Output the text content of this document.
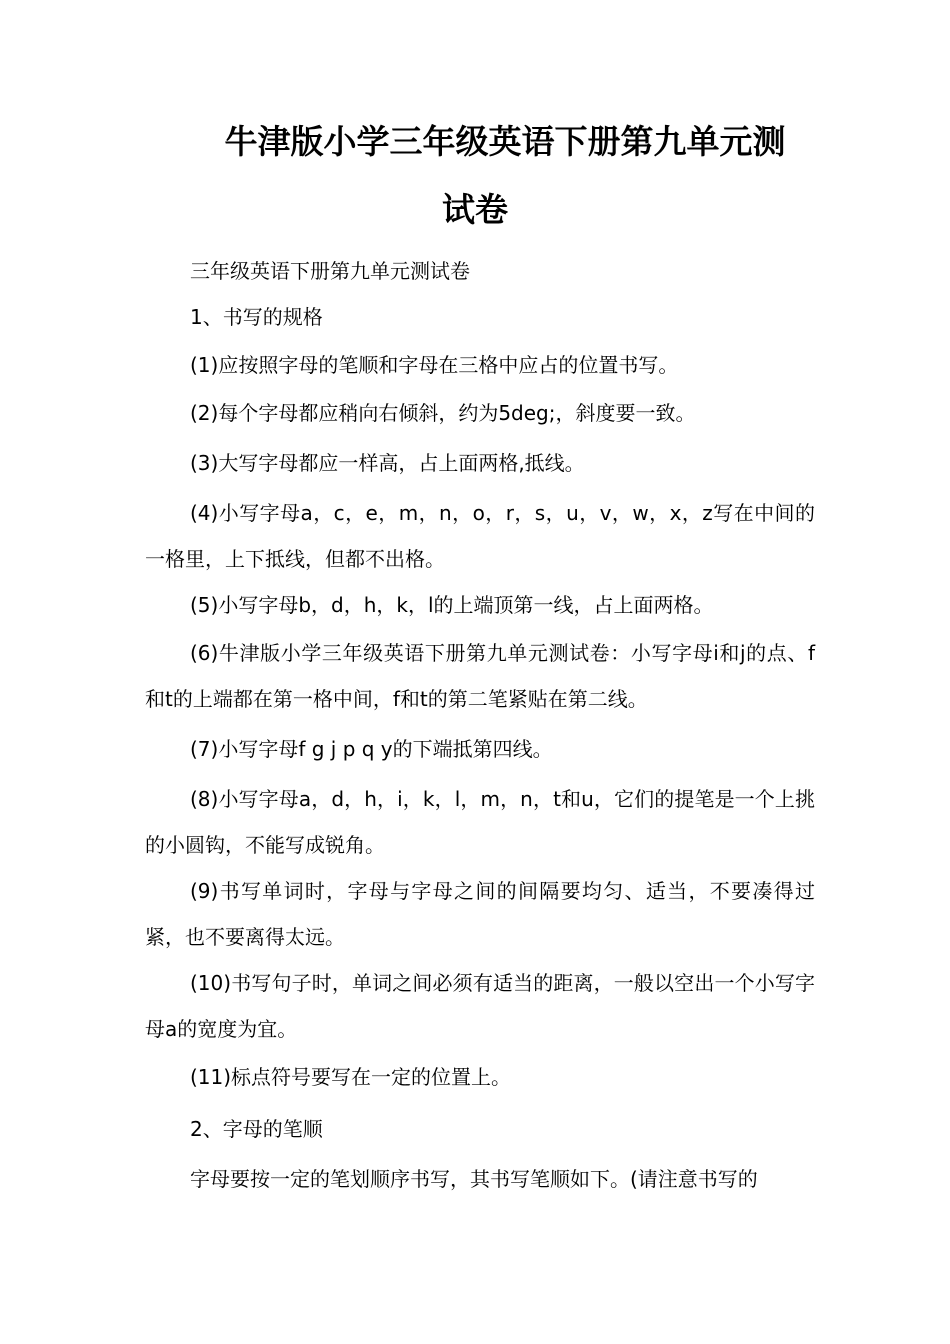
牛津版小学三年级英语下册第九单元测
试卷

三年级英语下册第九单元测试卷

1、书写的规格

(1)应按照字母的笔顺和字母在三格中应占的位置书写。

(2)每个字母都应稍向右倾斜，约为5deg;，斜度要一致。

(3)大写字母都应一样高，占上面两格,抵线。

(4)小写字母a，c，e，m，n，o，r，s，u，v，w，x，z写在中间的一格里，上下抵线，但都不出格。

(5)小写字母b，d，h，k，l的上端顶第一线，占上面两格。

(6)牛津版小学三年级英语下册第九单元测试卷：小写字母i和j的点、f和t的上端都在第一格中间，f和t的第二笔紧贴在第二线。

(7)小写字母f g j p q y的下端抵第四线。

(8)小写字母a，d，h，i，k，l，m，n，t和u，它们的提笔是一个上挑的小圆钩，不能写成锐角。

(9)书写单词时，字母与字母之间的间隔要均匀、适当，不要凑得过紧，也不要离得太远。

(10)书写句子时，单词之间必须有适当的距离，一般以空出一个小写字母a的宽度为宜。

(11)标点符号要写在一定的位置上。

2、字母的笔顺

字母要按一定的笔划顺序书写，其书写笔顺如下。(请注意书写的
